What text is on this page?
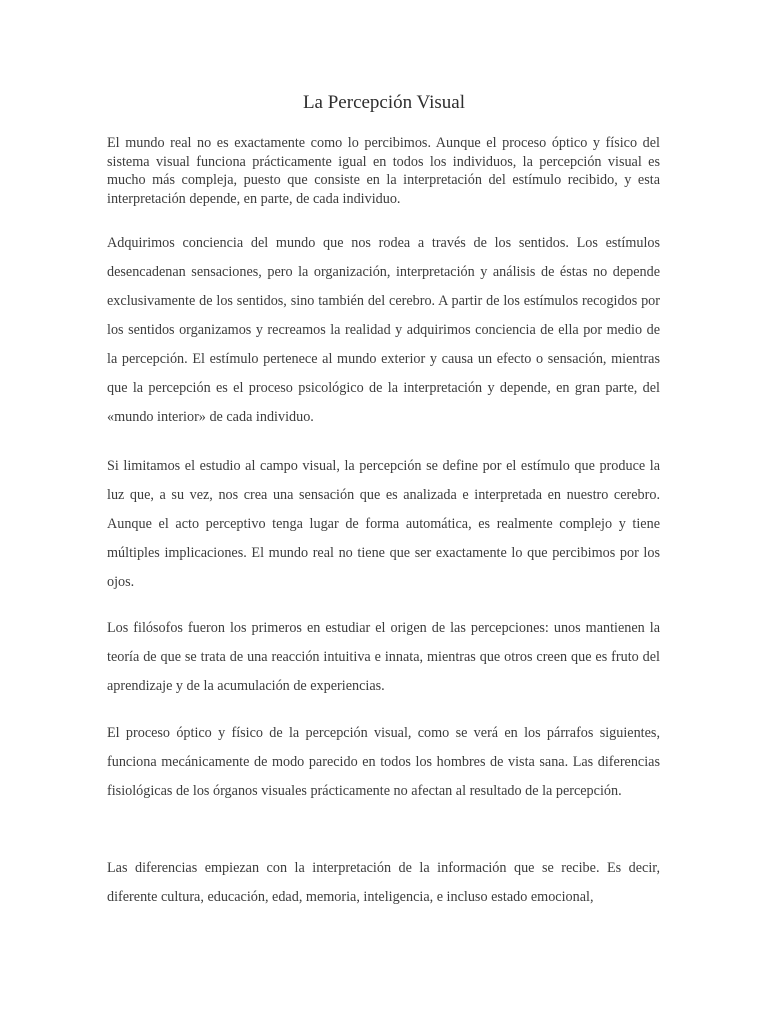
La Percepción Visual

El mundo real no es exactamente como lo percibimos. Aunque el proceso óptico y físico del sistema visual funciona prácticamente igual en todos los individuos, la percepción visual es mucho más compleja, puesto que consiste en la interpretación del estímulo recibido, y esta interpretación depende, en parte, de cada individuo.

Adquirimos conciencia del mundo que nos rodea a través de los sentidos. Los estímulos desencadenan sensaciones, pero la organización, interpretación y análisis de éstas no depende exclusivamente de los sentidos, sino también del cerebro. A partir de los estímulos recogidos por los sentidos organizamos y recreamos la realidad y adquirimos conciencia de ella por medio de la percepción. El estímulo pertenece al mundo exterior y causa un efecto o sensación, mientras que la percepción es el proceso psicológico de la interpretación y depende, en gran parte, del «mundo interior» de cada individuo.

Si limitamos el estudio al campo visual, la percepción se define por el estímulo que produce la luz que, a su vez, nos crea una sensación que es analizada e interpretada en nuestro cerebro. Aunque el acto perceptivo tenga lugar de forma automática, es realmente complejo y tiene múltiples implicaciones. El mundo real no tiene que ser exactamente lo que percibimos por los ojos.

Los filósofos fueron los primeros en estudiar el origen de las percepciones: unos mantienen la teoría de que se trata de una reacción intuitiva e innata, mientras que otros creen que es fruto del aprendizaje y de la acumulación de experiencias.

El proceso óptico y físico de la percepción visual, como se verá en los párrafos siguientes, funciona mecánicamente de modo parecido en todos los hombres de vista sana. Las diferencias fisiológicas de los órganos visuales prácticamente no afectan al resultado de la percepción.

Las diferencias empiezan con la interpretación de la información que se recibe. Es decir, diferente cultura, educación, edad, memoria, inteligencia, e incluso estado emocional,
